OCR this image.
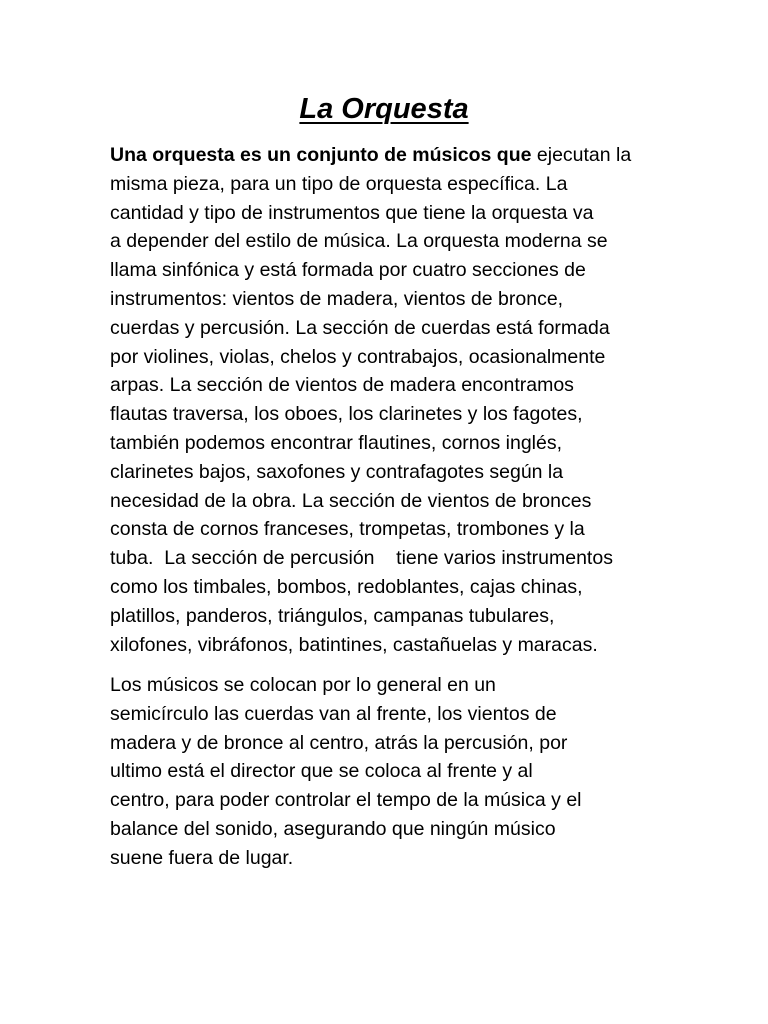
La Orquesta
Una orquesta es un conjunto de músicos que ejecutan la
misma pieza, para un tipo de orquesta específica. La
cantidad y tipo de instrumentos que tiene la orquesta va
a depender del estilo de música. La orquesta moderna se
llama sinfónica y está formada por cuatro secciones de
instrumentos: vientos de madera, vientos de bronce,
cuerdas y percusión. La sección de cuerdas está formada
por violines, violas, chelos y contrabajos, ocasionalmente
arpas. La sección de vientos de madera encontramos
flautas traversa, los oboes, los clarinetes y los fagotes,
también podemos encontrar flautines, cornos inglés,
clarinetes bajos, saxofones y contrafagotes según la
necesidad de la obra. La sección de vientos de bronces
consta de cornos franceses, trompetas, trombones y la
tuba.  La sección de percusión    tiene varios instrumentos
como los timbales, bombos, redoblantes, cajas chinas,
platillos, panderos, triángulos, campanas tubulares,
xilofones, vibráfonos, batintines, castañuelas y maracas.
Los músicos se colocan por lo general en un
semicírculo las cuerdas van al frente, los vientos de
madera y de bronce al centro, atrás la percusión, por
ultimo está el director que se coloca al frente y al
centro, para poder controlar el tempo de la música y el
balance del sonido, asegurando que ningún músico
suene fuera de lugar.
